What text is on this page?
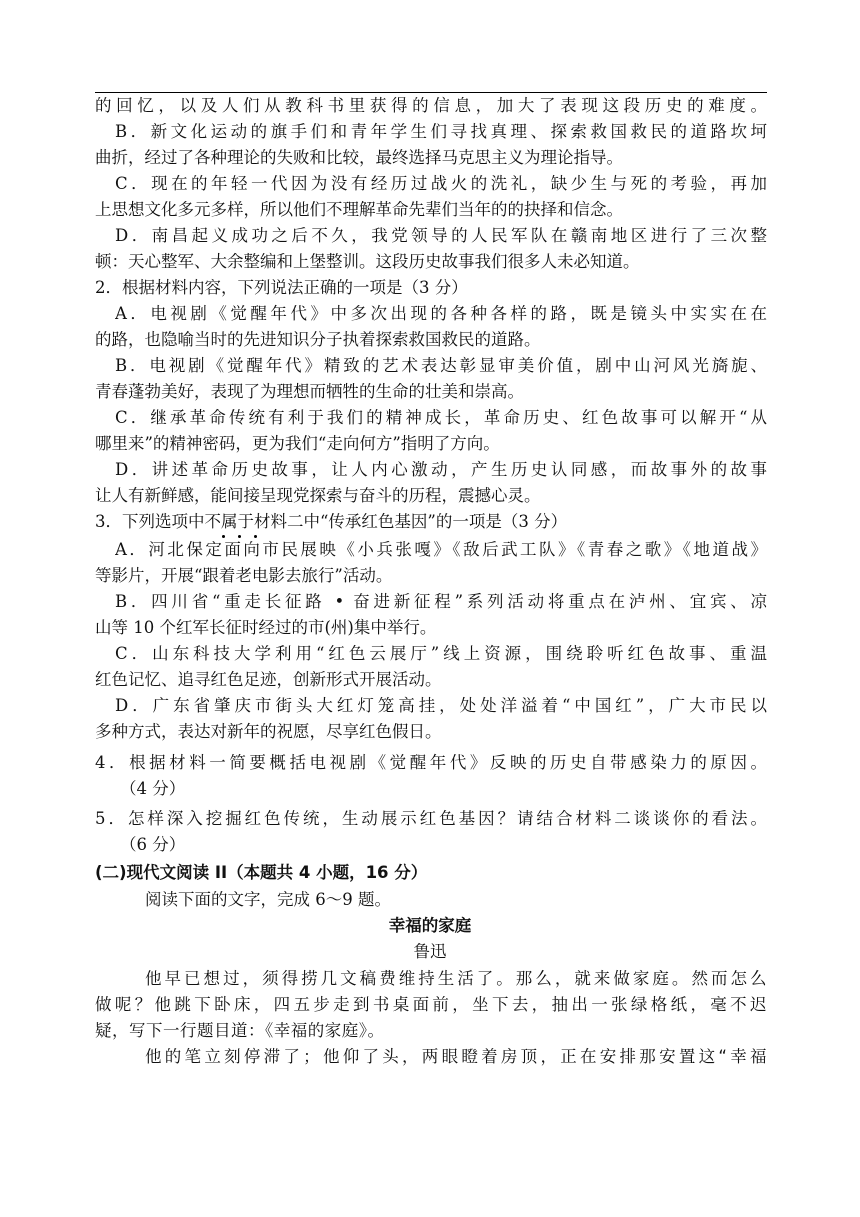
的回忆，以及人们从教科书里获得的信息，加大了表现这段历史的难度。
B．新文化运动的旗手们和青年学生们寻找真理、探索救国救民的道路坎坷
曲折，经过了各种理论的失败和比较，最终选择马克思主义为理论指导。
C．现在的年轻一代因为没有经历过战火的洗礼，缺少生与死的考验，再加
上思想文化多元多样，所以他们不理解革命先辈们当年的的抉择和信念。
D．南昌起义成功之后不久，我党领导的人民军队在赣南地区进行了三次整
顿：天心整军、大余整编和上堡整训。这段历史故事我们很多人未必知道。
2．根据材料内容，下列说法正确的一项是（3 分）
A．电视剧《觉醒年代》中多次出现的各种各样的路，既是镜头中实实在在
的路，也隐喻当时的先进知识分子执着探索救国救民的道路。
B．电视剧《觉醒年代》精致的艺术表达彰显审美价值，剧中山河风光旖旎、
青春蓬勃美好，表现了为理想而牺牲的生命的壮美和崇高。
C．继承革命传统有利于我们的精神成长，革命历史、红色故事可以解开“从
哪里来”的精神密码，更为我们“走向何方”指明了方向。
D．讲述革命历史故事，让人内心激动，产生历史认同感，而故事外的故事
让人有新鲜感，能间接呈现党探索与奋斗的历程，震撼心灵。
3．下列选项中不属于材料二中“传承红色基因”的一项是（3 分）
A．河北保定面向市民展映《小兵张嘎》《敌后武工队》《青春之歌》《地道战》
等影片，开展“跟着老电影去旅行”活动。
B．四川省“重走长征路 • 奋进新征程”系列活动将重点在泸州、宜宾、凉
山等 10 个红军长征时经过的市(州)集中举行。
C．山东科技大学利用“红色云展厅”线上资源，围绕聆听红色故事、重温
红色记忆、追寻红色足迹，创新形式开展活动。
D．广东省肇庆市街头大红灯笼高挂，处处洋溢着“中国红”，广大市民以
多种方式，表达对新年的祝愿，尽享红色假日。
4．根据材料一简要概括电视剧《觉醒年代》反映的历史自带感染力的原因。
（4 分）
5．怎样深入挖掘红色传统，生动展示红色基因？请结合材料二谈谈你的看法。
（6 分）
(二)现代文阅读 II（本题共 4 小题，16 分）
阅读下面的文字，完成 6～9 题。
幸福的家庭
鲁迅
他早已想过，须得捞几文稿费维持生活了。那么，就来做家庭。然而怎么
做呢？他跳下卧床，四五步走到书桌面前，坐下去，抽出一张绿格纸，毫不迟
疑，写下一行题目道：《幸福的家庭》。
他的笔立刻停滞了；他仰了头，两眼瞪着房顶，正在安排那安置这“幸福
